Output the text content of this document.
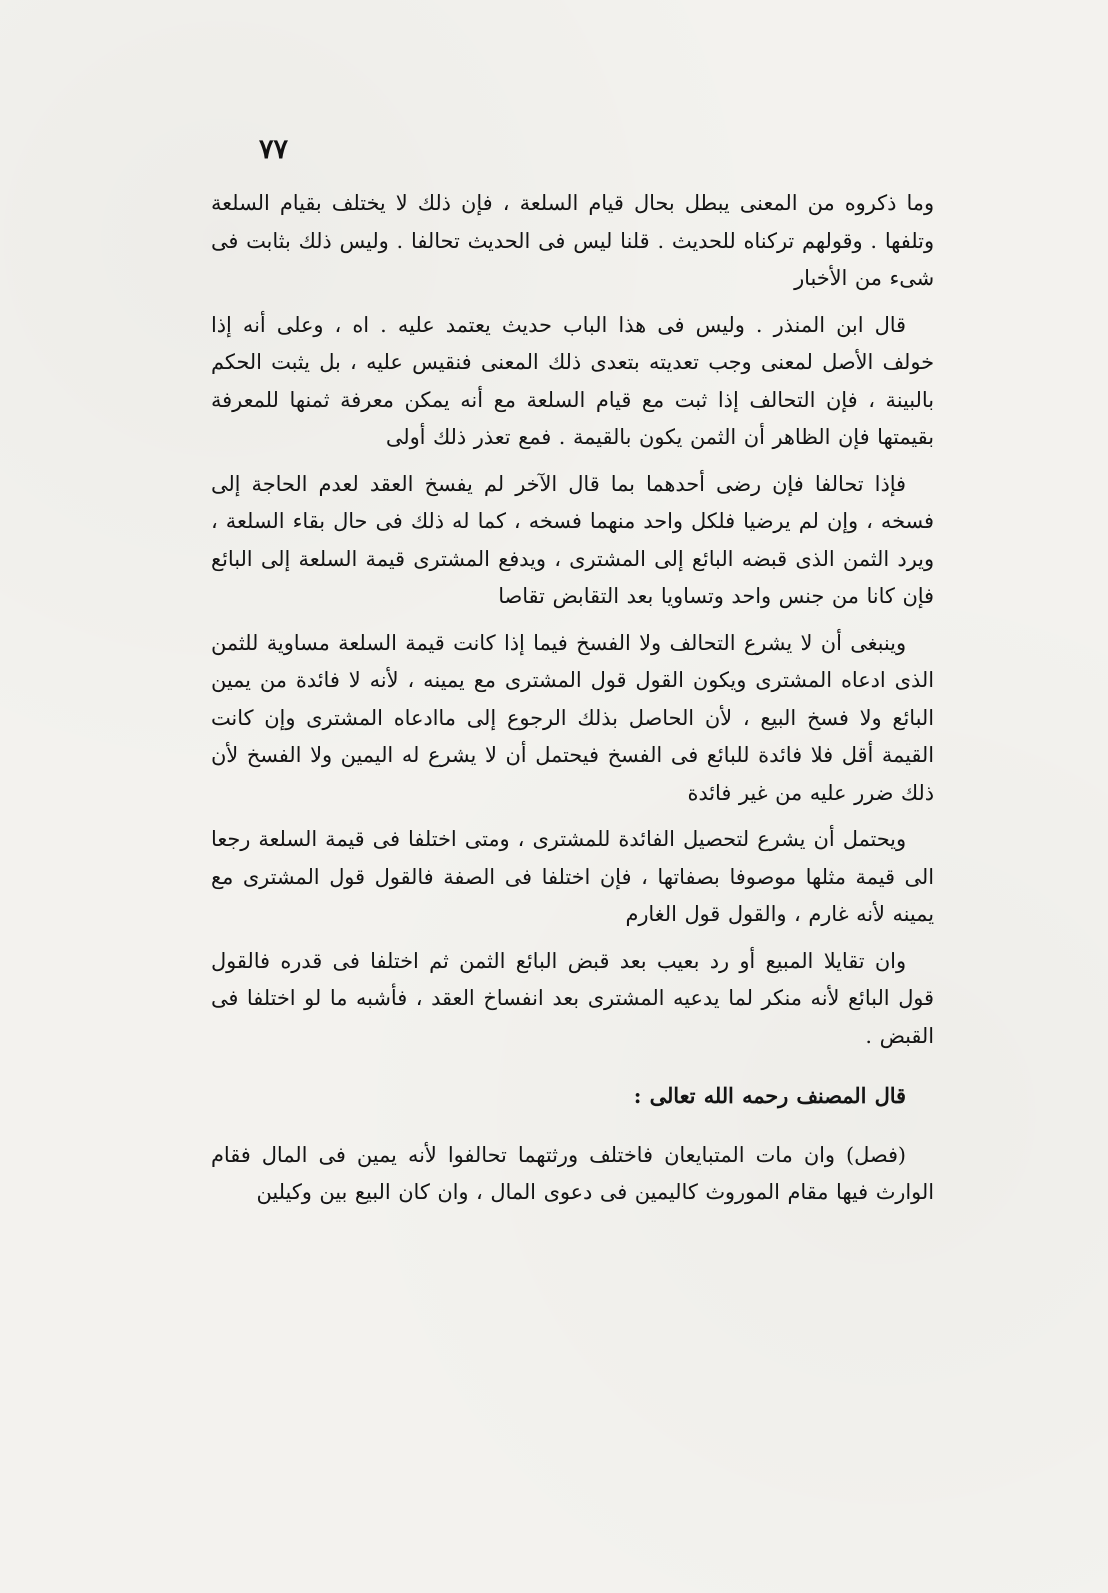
٧٧

وما ذكروه من المعنى يبطل بحال قيام السلعة ، فإن ذلك لا يختلف بقيام السلعة وتلفها . وقولهم تركناه للحديث . قلنا ليس فى الحديث تحالفا . وليس ذلك بثابت فى شىء من الأخبار

قال ابن المنذر . وليس فى هذا الباب حديث يعتمد عليه . اه ، وعلى أنه إذا خولف الأصل لمعنى وجب تعديته بتعدى ذلك المعنى فنقيس عليه ، بل يثبت الحكم بالبينة ، فإن التحالف إذا ثبت مع قيام السلعة مع أنه يمكن معرفة ثمنها للمعرفة بقيمتها فإن الظاهر أن الثمن يكون بالقيمة . فمع تعذر ذلك أولى

فإذا تحالفا فإن رضى أحدهما بما قال الآخر لم يفسخ العقد لعدم الحاجة إلى فسخه ، وإن لم يرضيا فلكل واحد منهما فسخه ، كما له ذلك فى حال بقاء السلعة ، ويرد الثمن الذى قبضه البائع إلى المشترى ، ويدفع المشترى قيمة السلعة إلى البائع فإن كانا من جنس واحد وتساويا بعد التقابض تقاصا

وينبغى أن لا يشرع التحالف ولا الفسخ فيما إذا كانت قيمة السلعة مساوية للثمن الذى ادعاه المشترى ويكون القول قول المشترى مع يمينه ، لأنه لا فائدة من يمين البائع ولا فسخ البيع ، لأن الحاصل بذلك الرجوع إلى ماادعاه المشترى وإن كانت القيمة أقل فلا فائدة للبائع فى الفسخ فيحتمل أن لا يشرع له اليمين ولا الفسخ لأن ذلك ضرر عليه من غير فائدة

ويحتمل أن يشرع لتحصيل الفائدة للمشترى ، ومتى اختلفا فى قيمة السلعة رجعا الى قيمة مثلها موصوفا بصفاتها ، فإن اختلفا فى الصفة فالقول قول المشترى مع يمينه لأنه غارم ، والقول قول الغارم

وان تقايلا المبيع أو رد بعيب بعد قبض البائع الثمن ثم اختلفا فى قدره فالقول قول البائع لأنه منكر لما يدعيه المشترى بعد انفساخ العقد ، فأشبه ما لو اختلفا فى القبض .

قال المصنف رحمه الله تعالى :

(فصل) وان مات المتبايعان فاختلف ورثتهما تحالفوا لأنه يمين فى المال فقام الوارث فيها مقام الموروث كاليمين فى دعوى المال ، وان كان البيع بين وكيلين
